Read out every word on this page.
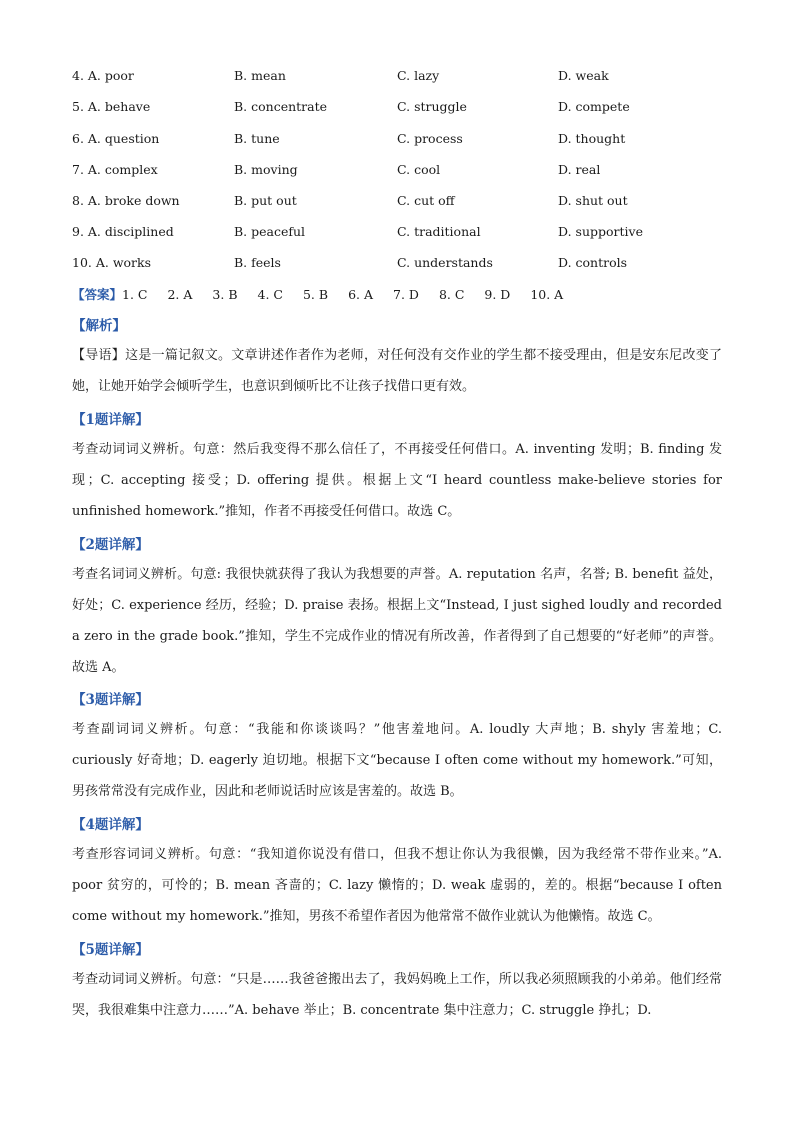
4. A. poor	B. mean	C. lazy	D. weak
5. A. behave	B. concentrate	C. struggle	D. compete
6. A. question	B. tune	C. process	D. thought
7. A. complex	B. moving	C. cool	D. real
8. A. broke down	B. put out	C. cut off	D. shut out
9. A. disciplined	B. peaceful	C. traditional	D. supportive
10. A. works	B. feels	C. understands	D. controls
【答案】1. C 2. A 3. B 4. C 5. B 6. A 7. D 8. C 9. D 10. A
【解析】
【导语】这是一篇记叙文。文章讲述作者作为老师，对任何没有交作业的学生都不接受理由，但是安东尼改变了她，让她开始学会倾听学生，也意识到倾听比不让孩子找借口更有效。
【1题详解】
考查动词词义辨析。句意：然后我变得不那么信任了，不再接受任何借口。A. inventing 发明；B. finding 发现；C. accepting 接受；D. offering 提供。根据上文“I heard countless make-believe stories for unfinished homework.”推知，作者不再接受任何借口。故选 C。
【2题详解】
考查名词词义辨析。句意: 我很快就获得了我认为我想要的声誉。A. reputation 名声，名誉; B. benefit 益处，好处；C. experience 经历，经验；D. praise 表扬。根据上文“Instead, I just sighed loudly and recorded a zero in the grade book.”推知，学生不完成作业的情况有所改善，作者得到了自己想要的“好老师”的声誉。故选 A。
【3题详解】
考查副词词义辨析。句意：“我能和你谈谈吗？”他害羞地问。A. loudly 大声地；B. shyly 害羞地；C. curiously 好奇地；D. eagerly 迫切地。根据下文“because I often come without my homework.”可知，男孩常常没有完成作业，因此和老师说话时应该是害羞的。故选 B。
【4题详解】
考查形容词词义辨析。句意：“我知道你说没有借口，但我不想让你认为我很懒，因为我经常不带作业来。”A. poor 贫穷的，可怜的；B. mean 吝啬的；C. lazy 懒惰的；D. weak 虚弱的，差的。根据“because I often come without my homework.”推知，男孩不希望作者因为他常常不做作业就认为他懒惰。故选 C。
【5题详解】
考查动词词义辨析。句意：“只是……我爸爸搬出去了，我妈妈晚上工作，所以我必须照顾我的小弟弟。他们经常哭，我很难集中注意力……”A. behave 举止；B. concentrate 集中注意力；C. struggle 挣扎；D.
